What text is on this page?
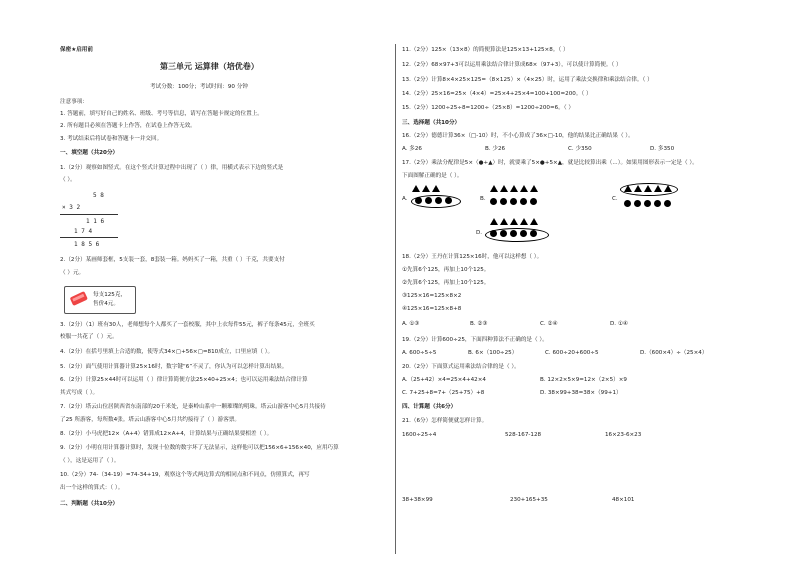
保密★启用前
第三单元 运算律（培优卷）
考试分数：100分；考试时间：90 分钟
注意事项：
1. 答题前，填写好自己的姓名、班级、考号等信息，请写在答题卡规定的位置上。
2. 所有题目必须在答题卡上作答，在试卷上作答无效。
3. 考试结束后将试卷和答题卡一并交回。
一、填空题（共20分）
1.（2分）观察如图竖式。在这个竖式计算过程中出现了（ ）律，用横式表示下边的竖式是
（ ）。
5 8
× 3 2
1 1 6
1 7 4
1 8 5 6
2.（2分）某画师套框，5支装一套，8套装一箱。妈妈买了一箱，共重（ ）千克，共要支付
（ ）元。
每支125克，
售价4元。
3.（2分）（1）班有30人，老师想每个人都买了一套校服，其中上衣每件55元，裤子每条45元，全班买
校服一共花了（ ）元。
4.（2分）在括号里填上合适的数，使等式34×▢+56×▢=810成立，口里应填（ ）。
5.（2分）面气使用计算器计算25×16时，数字键“6”不灵了，你认为可以怎样计算出结果。
6.（2分）计算25×44时可以运用（ ）律计算简便方法25×40+25×4；也可以运用乘法结合律计算
其式写成（ ）。
7.（2分）塔云山位居陕西省东南部的20千米处，是秦岭山系中一颗璀璨的明珠。塔云山游客中心5月共接待
了25 所游客，每所数4张。塔云山游客中心5月共约接待了（ ）游客票。
8.（2分）小马虎把12×（A+4）错算成12×A+4，计算结果与正确结果要相差（ ）。
9.（2分）小明在用计算器计算时，发现十位数的数字坏了无法显示，这样他可以把156×6+156×40，应用巧算
（ ），这是运用了（ ）。
10.（2分）74-（34-19）=74-34+19，观察这个等式两边算式的相同点和不同点，仿照算式，再写
出一个这样的算式：（ ）。
二、判断题（共10分）
11.（2分）125×（13×8）的简便算法是125×13+125×8。（ ）
12.（2分）68×97+3可以运用乘法结合律计算成68×（97+3），可以使计算简便。（ ）
13.（2分）计算8×4×25×125=（8×125）×（4×25）时，运用了乘法交换律和乘法结合律。（ ）
14.（2分）25×16=25×（4×4）=25×4+25×4=100+100=200。（ ）
15.（2分）1200÷25÷8=1200÷（25×8）=1200÷200=6。（ ）
三、选择题（共10分）
16.（2分）德德计算36×（□-10）时，不小心算成了36×□-10，他的结果比正确结果（ ）。
A. 多26	B. 少26	C. 少350	D. 多350
17.（2分）乘法分配律是5×（●+▲）时，就要乘了5×●+5×▲，就是比较算出乘（...）。如果用图形表示一定是（ ）。
下面图解正确的是（ ）。
A.	B.	C.
D.
18.（2分）王丹在计算125×16时，他可以这样想（ ）。
①先算6个125，再加上10个125。
②先算6个125，再加上10个125。
③125×16=125×8×2
④125×16=125×8+8
A. ①③	B. ②③	C. ②④	D. ①④
19.（2分）计算600÷25，下面四种算法不正确的是（ ）。
A. 600÷5÷5	B. 6×（100÷25）	C. 600÷20+600÷5	D.（600×4）÷（25×4）
20.（2分）下面算式运用乘法结合律的是（ ）。
A.（25+42）×4=25×4+42×4	B. 12×2×5×9=12×（2×5）×9
C. 7+25+8=7+（25+75）+8	D. 38×99+38=38×（99+1）
四、计算题（共6分）
21.（6分）怎样简便就怎样计算。
1600÷25÷4	528-167-128	16×23-6×23
38+38×99	230+165+35	48×101
